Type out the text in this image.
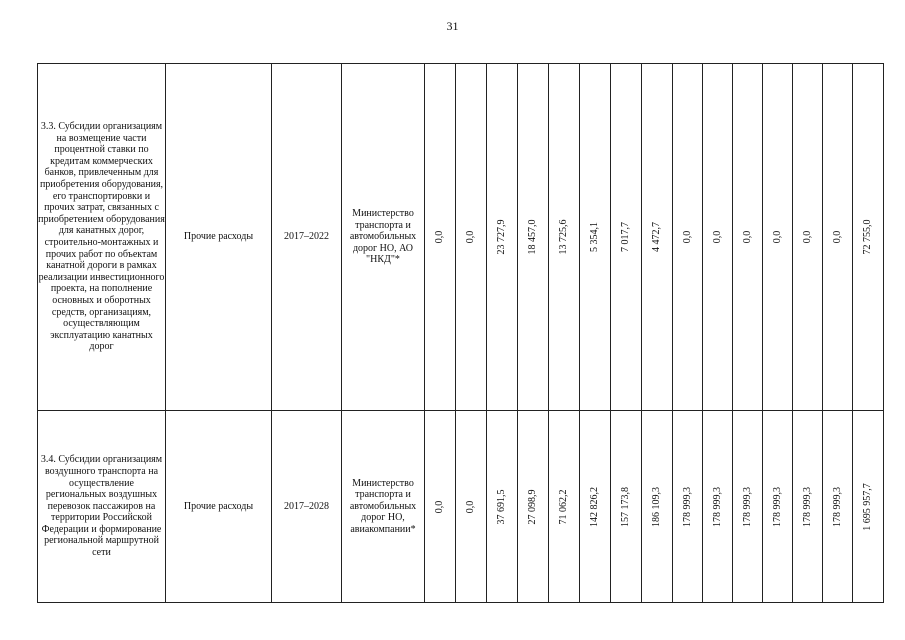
31
3.3. Субсидии организациям на возмещение части процентной ставки по кредитам коммерческих банков, привлеченным для приобретения оборудования, его транспортировки и прочих затрат, связанных с приобретением оборудования для канатных дорог, строительно-монтажных и прочих работ по объектам канатной дороги в рамках реализации инвестиционного проекта, на пополнение основных и оборотных средств, организациям, осуществляющим эксплуатацию канатных дорог	Прочие расходы	2017–2022	Министерство транспорта и автомобильных дорог НО, АО "НКД"*	0,0	0,0	23 727,9	18 457,0	13 725,6	5 354,1	7 017,7	4 472,7	0,0	0,0	0,0	0,0	0,0	0,0	72 755,0

3.4. Субсидии организациям воздушного транспорта на осуществление региональных воздушных перевозок пассажиров на территории Российской Федерации и формирование региональной маршрутной сети	Прочие расходы	2017–2028	Министерство транспорта и автомобильных дорог НО, авиакомпании*	0,0	0,0	37 691,5	27 098,9	71 062,2	142 826,2	157 173,8	186 109,3	178 999,3	178 999,3	178 999,3	178 999,3	178 999,3	178 999,3	1 695 957,7
